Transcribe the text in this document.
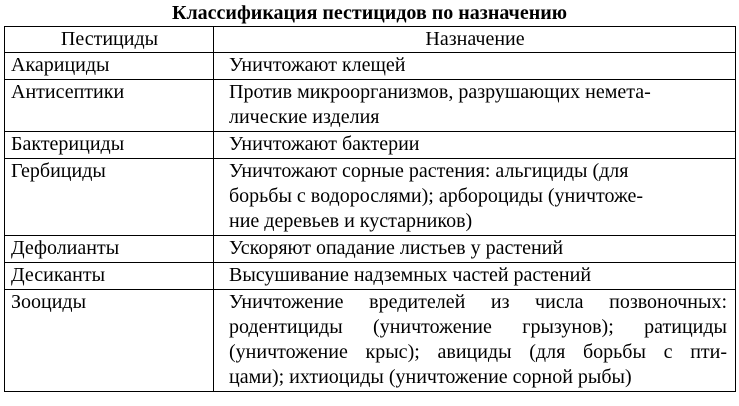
Классификация пестицидов по назначению
Пестициды	Назначение
Акарициды	Уничтожают клещей

Антисептики	Против микроорганизмов, разрушающих немета-
лические изделия

Бактерициды	Уничтожают бактерии

Гербициды	Уничтожают сорные растения: альгициды (для
борьбы с водорослями); арбороциды (уничтоже-
ние деревьев и кустарников)

Дефолианты	Ускоряют опадание листьев у растений

Десиканты	Высушивание надземных частей растений

Зооциды	Уничтожение вредителей из числа позвоночных:
родентициды (уничтожение грызунов); ратициды
(уничтожение крыс); авициды (для борьбы с пти-
цами); ихтиоциды (уничтожение сорной рыбы)
